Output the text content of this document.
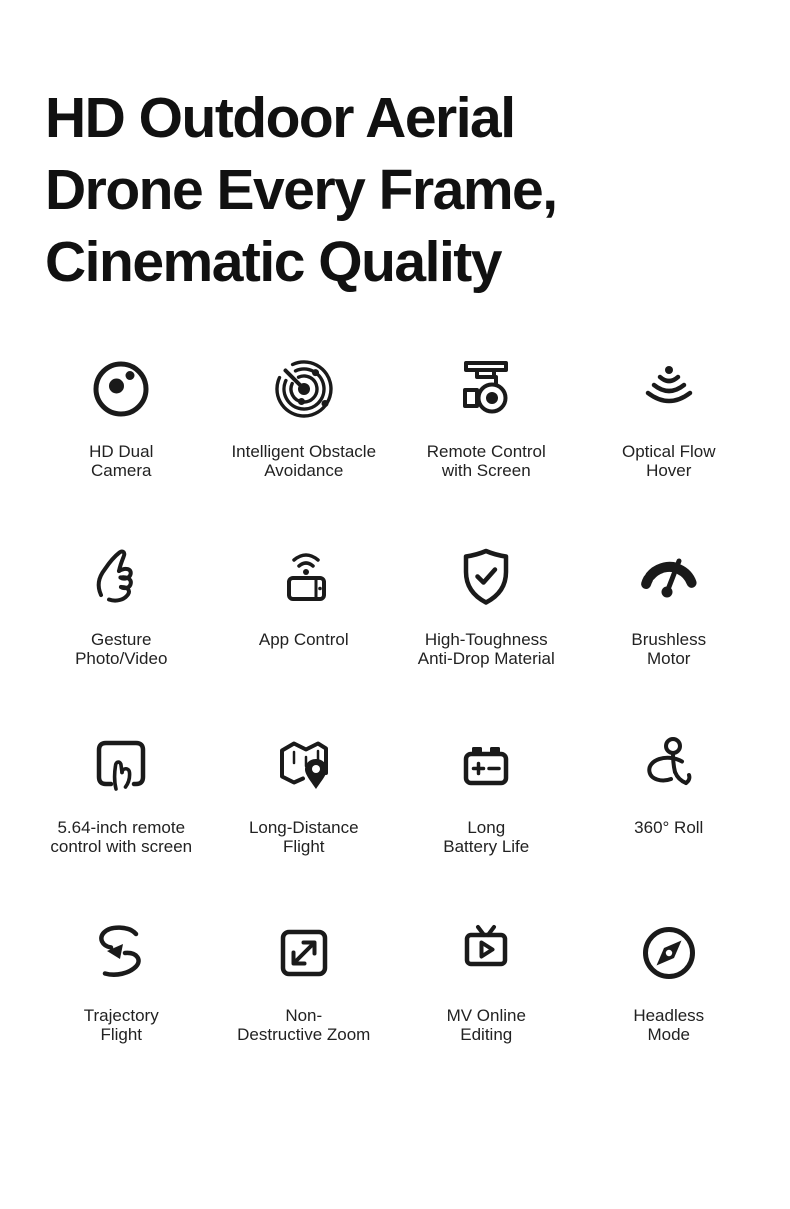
HD Outdoor Aerial
Drone Every Frame,
Cinematic Quality
HD Dual
Camera
Intelligent Obstacle
Avoidance
Remote Control
with Screen
Optical Flow
Hover
Gesture
Photo/Video
App Control	High-Toughness
Anti-Drop Material
Brushless
Motor
5.64-inch remote
control with screen
Long-Distance
Flight
Long
Battery Life
360° Roll
Trajectory
Flight
Non-
Destructive Zoom
MV Online
Editing
Headless
Mode
